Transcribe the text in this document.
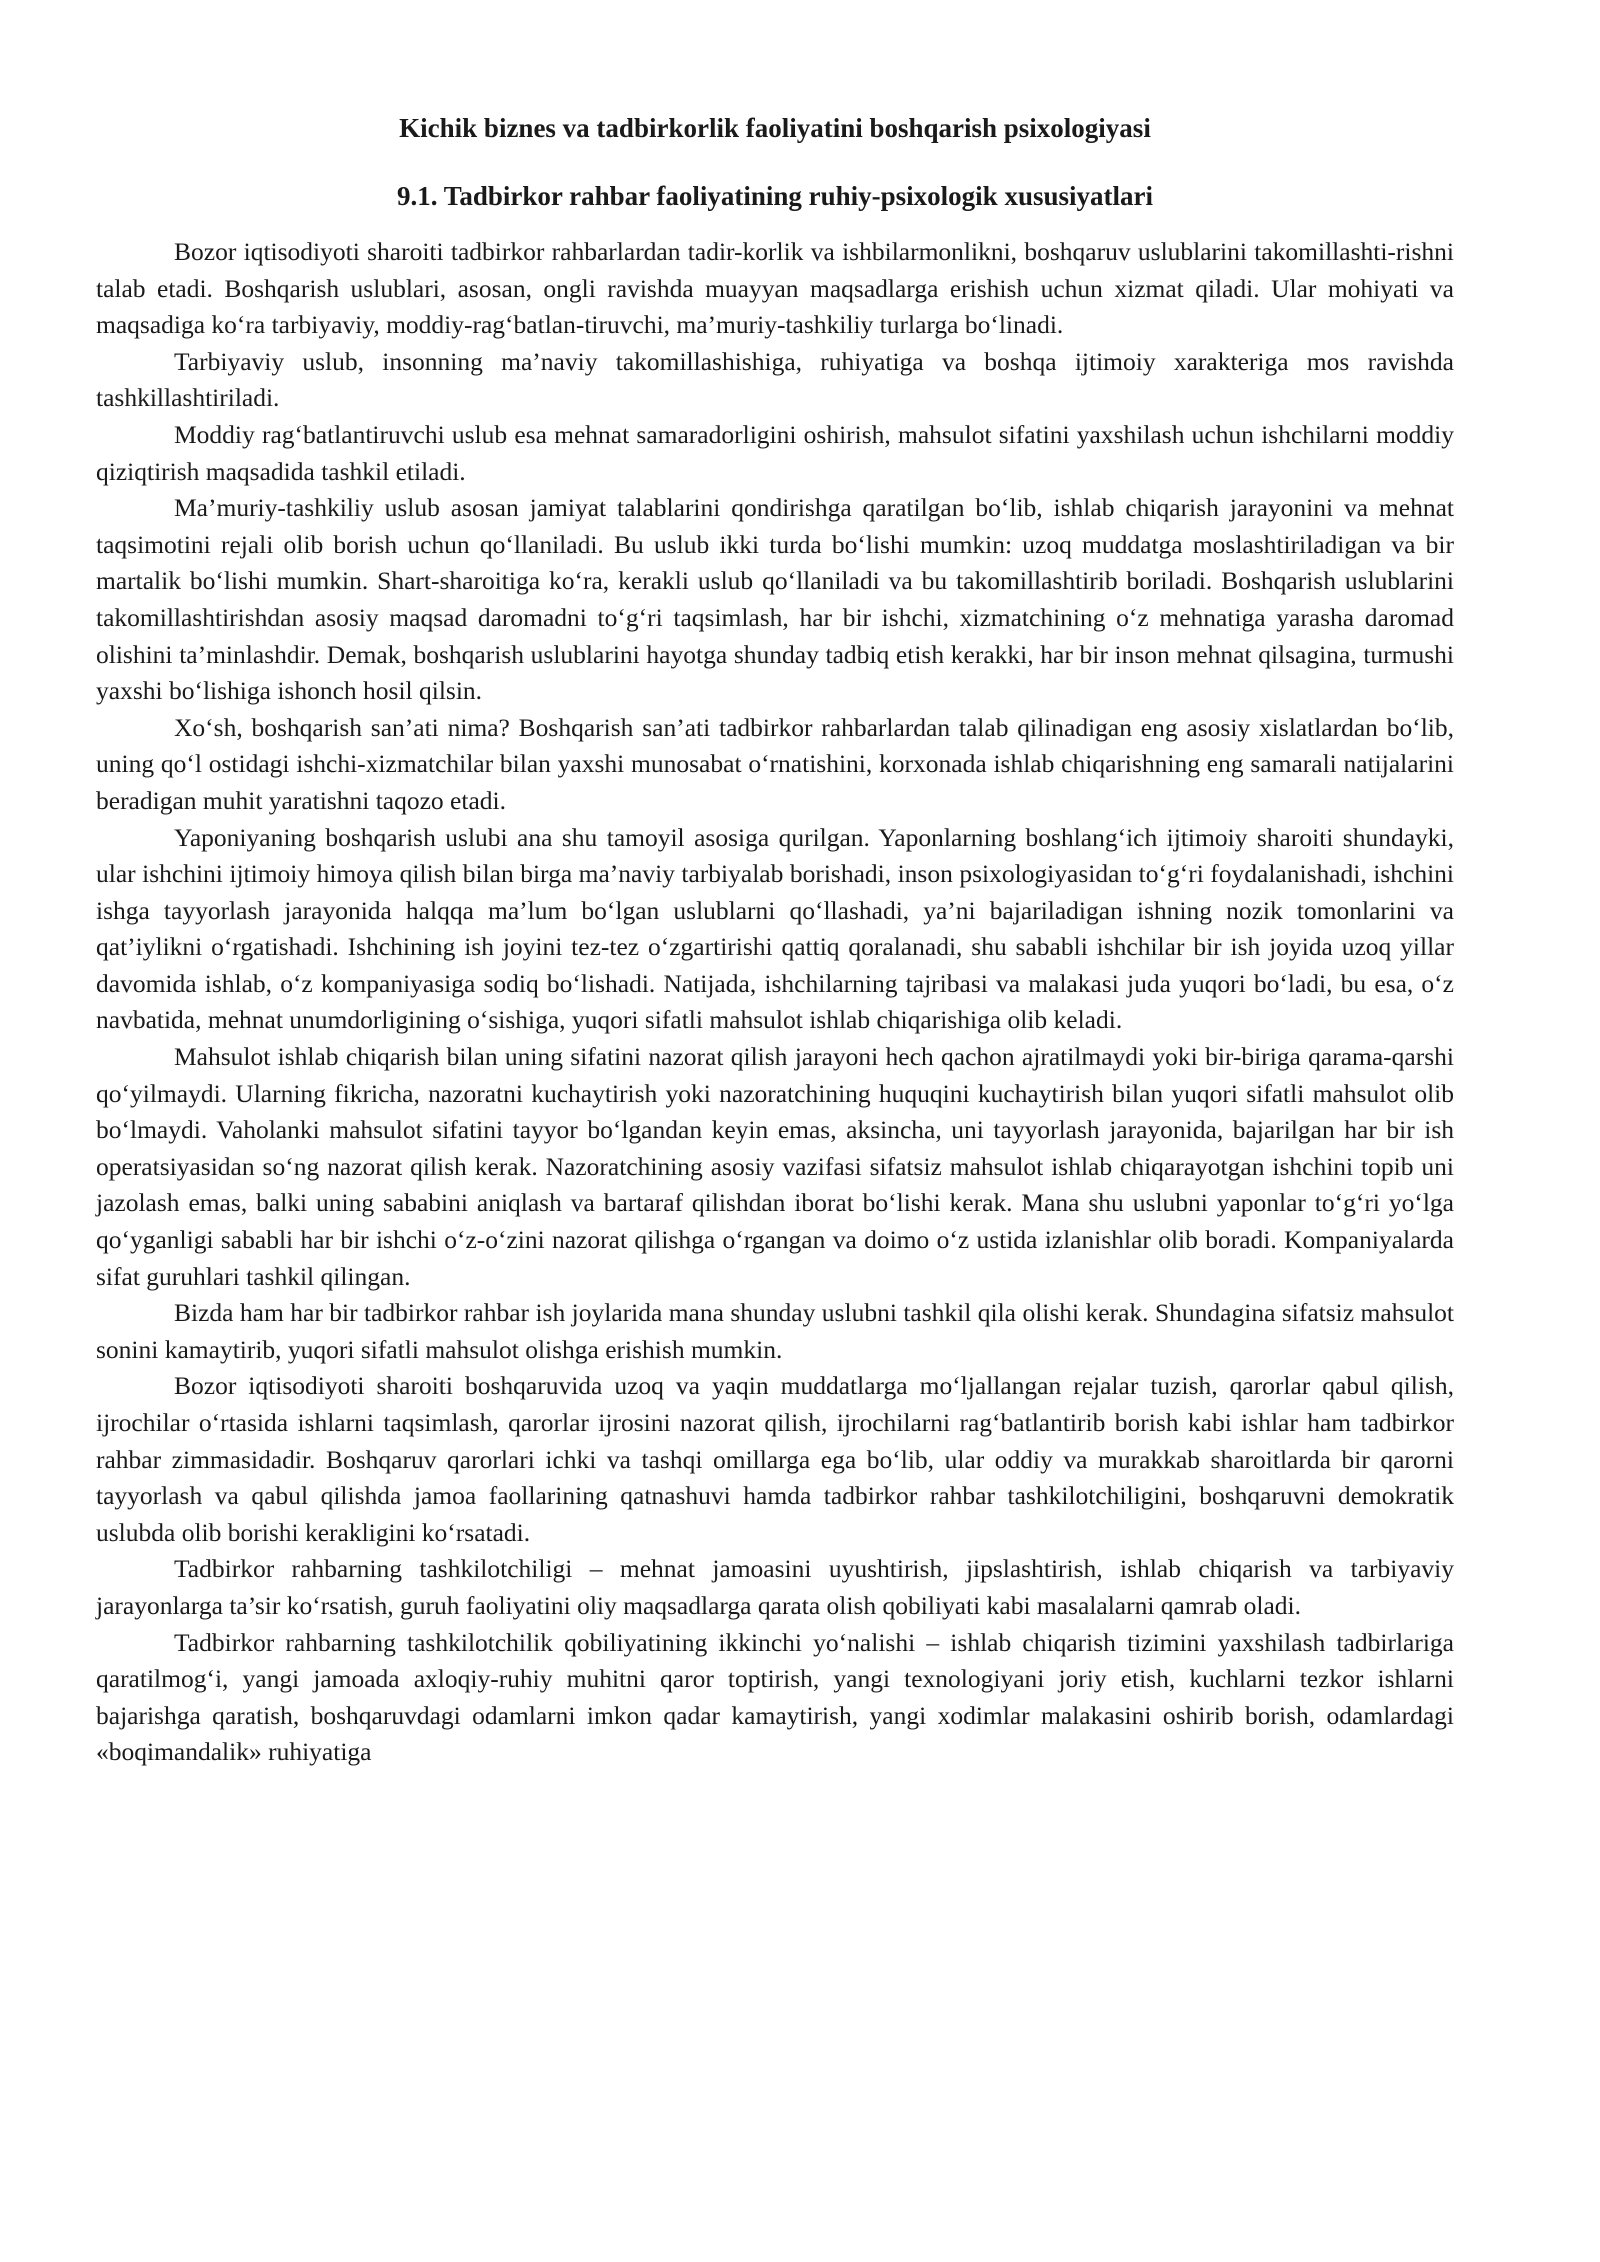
Kichik biznes va tadbirkorlik faoliyatini boshqarish psixologiyasi
9.1. Tadbirkor rahbar faoliyatining ruhiy-psixologik xususiyatlari

Bozor iqtisodiyoti sharoiti tadbirkor rahbarlardan tadir-korlik va ishbilarmonlikni, boshqaruv uslublarini takomillashti-rishni talab etadi. Boshqarish uslublari, asosan, ongli ravishda muayyan maqsadlarga erishish uchun xizmat qiladi. Ular mohiyati va maqsadiga ko‘ra tarbiyaviy, moddiy-rag‘batlan-tiruvchi, ma’muriy-tashkiliy turlarga bo‘linadi.

Tarbiyaviy uslub, insonning ma’naviy takomillashishiga, ruhiyatiga va boshqa ijtimoiy xarakteriga mos ravishda tashkillashtiriladi.

Moddiy rag‘batlantiruvchi uslub esa mehnat samaradorligini oshirish, mahsulot sifatini yaxshilash uchun ishchilarni moddiy qiziqtirish maqsadida tashkil etiladi.

Ma’muriy-tashkiliy uslub asosan jamiyat talablarini qondirishga qaratilgan bo‘lib, ishlab chiqarish jarayonini va mehnat taqsimotini rejali olib borish uchun qo‘llaniladi. Bu uslub ikki turda bo‘lishi mumkin: uzoq muddatga moslashtiriladigan va bir martalik bo‘lishi mumkin. Shart-sharoitiga ko‘ra, kerakli uslub qo‘llaniladi va bu takomillashtirib boriladi. Boshqarish uslublarini takomillashtirishdan asosiy maqsad daromadni to‘g‘ri taqsimlash, har bir ishchi, xizmatchining o‘z mehnatiga yarasha daromad olishini ta’minlashdir. Demak, boshqarish uslublarini hayotga shunday tadbiq etish kerakki, har bir inson mehnat qilsagina, turmushi yaxshi bo‘lishiga ishonch hosil qilsin.

Xo‘sh, boshqarish san’ati nima? Boshqarish san’ati tadbirkor rahbarlardan talab qilinadigan eng asosiy xislatlardan bo‘lib, uning qo‘l ostidagi ishchi-xizmatchilar bilan yaxshi munosabat o‘rnatishini, korxonada ishlab chiqarishning eng samarali natijalarini beradigan muhit yaratishni taqozo etadi.

Yaponiyaning boshqarish uslubi ana shu tamoyil asosiga qurilgan. Yaponlarning boshlang‘ich ijtimoiy sharoiti shundayki, ular ishchini ijtimoiy himoya qilish bilan birga ma’naviy tarbiyalab borishadi, inson psixologiyasidan to‘g‘ri foydalanishadi, ishchini ishga tayyorlash jarayonida halqqa ma’lum bo‘lgan uslublarni qo‘llashadi, ya’ni bajariladigan ishning nozik tomonlarini va qat’iylikni o‘rgatishadi. Ishchining ish joyini tez-tez o‘zgartirishi qattiq qoralanadi, shu sababli ishchilar bir ish joyida uzoq yillar davomida ishlab, o‘z kompaniyasiga sodiq bo‘lishadi. Natijada, ishchilarning tajribasi va malakasi juda yuqori bo‘ladi, bu esa, o‘z navbatida, mehnat unumdorligining o‘sishiga, yuqori sifatli mahsulot ishlab chiqarishiga olib keladi.

Mahsulot ishlab chiqarish bilan uning sifatini nazorat qilish jarayoni hech qachon ajratilmaydi yoki bir-biriga qarama-qarshi qo‘yilmaydi. Ularning fikricha, nazoratni kuchaytirish yoki nazoratchining huquqini kuchaytirish bilan yuqori sifatli mahsulot olib bo‘lmaydi. Vaholanki mahsulot sifatini tayyor bo‘lgandan keyin emas, aksincha, uni tayyorlash jarayonida, bajarilgan har bir ish operatsiyasidan so‘ng nazorat qilish kerak. Nazoratchining asosiy vazifasi sifatsiz mahsulot ishlab chiqarayotgan ishchini topib uni jazolash emas, balki uning sababini aniqlash va bartaraf qilishdan iborat bo‘lishi kerak. Mana shu uslubni yaponlar to‘g‘ri yo‘lga qo‘yganligi sababli har bir ishchi o‘z-o‘zini nazorat qilishga o‘rgangan va doimo o‘z ustida izlanishlar olib boradi. Kompaniyalarda sifat guruhlari tashkil qilingan.

Bizda ham har bir tadbirkor rahbar ish joylarida mana shunday uslubni tashkil qila olishi kerak. Shundagina sifatsiz mahsulot sonini kamaytirib, yuqori sifatli mahsulot olishga erishish mumkin.

Bozor iqtisodiyoti sharoiti boshqaruvida uzoq va yaqin muddatlarga mo‘ljallangan rejalar tuzish, qarorlar qabul qilish, ijrochilar o‘rtasida ishlarni taqsimlash, qarorlar ijrosini nazorat qilish, ijrochilarni rag‘batlantirib borish kabi ishlar ham tadbirkor rahbar zimmasidadir. Boshqaruv qarorlari ichki va tashqi omillarga ega bo‘lib, ular oddiy va murakkab sharoitlarda bir qarorni tayyorlash va qabul qilishda jamoa faollarining qatnashuvi hamda tadbirkor rahbar tashkilotchiligini, boshqaruvni demokratik uslubda olib borishi kerakligini ko‘rsatadi.

Tadbirkor rahbarning tashkilotchiligi – mehnat jamoasini uyushtirish, jipslashtirish, ishlab chiqarish va tarbiyaviy jarayonlarga ta’sir ko‘rsatish, guruh faoliyatini oliy maqsadlarga qarata olish qobiliyati kabi masalalarni qamrab oladi.

Tadbirkor rahbarning tashkilotchilik qobiliyatining ikkinchi yo‘nalishi – ishlab chiqarish tizimini yaxshilash tadbirlariga qaratilmog‘i, yangi jamoada axloqiy-ruhiy muhitni qaror toptirish, yangi texnologiyani joriy etish, kuchlarni tezkor ishlarni bajarishga qaratish, boshqaruvdagi odamlarni imkon qadar kamaytirish, yangi xodimlar malakasini oshirib borish, odamlardagi «boqimandalik» ruhiyatiga
